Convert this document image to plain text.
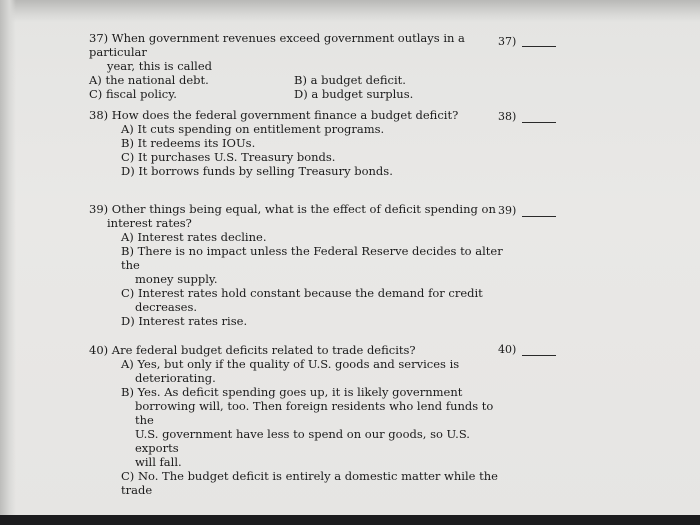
37) When government revenues exceed government outlays in a particular
year, this is called
A) the national debt.	B) a budget deficit.
C) fiscal policy.	D) a budget surplus.
37)
38) How does the federal government finance a budget deficit?
A) It cuts spending on entitlement programs.
B) It redeems its IOUs.
C) It purchases U.S. Treasury bonds.
D) It borrows funds by selling Treasury bonds.
38)
39) Other things being equal, what is the effect of deficit spending on
interest rates?
A) Interest rates decline.
B) There is no impact unless the Federal Reserve decides to alter the
money supply.
C) Interest rates hold constant because the demand for credit
decreases.
D) Interest rates rise.
39)
40) Are federal budget deficits related to trade deficits?
A) Yes, but only if the quality of U.S. goods and services is
deteriorating.
B) Yes. As deficit spending goes up, it is likely government
borrowing will, too. Then foreign residents who lend funds to the
U.S. government have less to spend on our goods, so U.S. exports
will fall.
C) No. The budget deficit is entirely a domestic matter while the trade
40)
